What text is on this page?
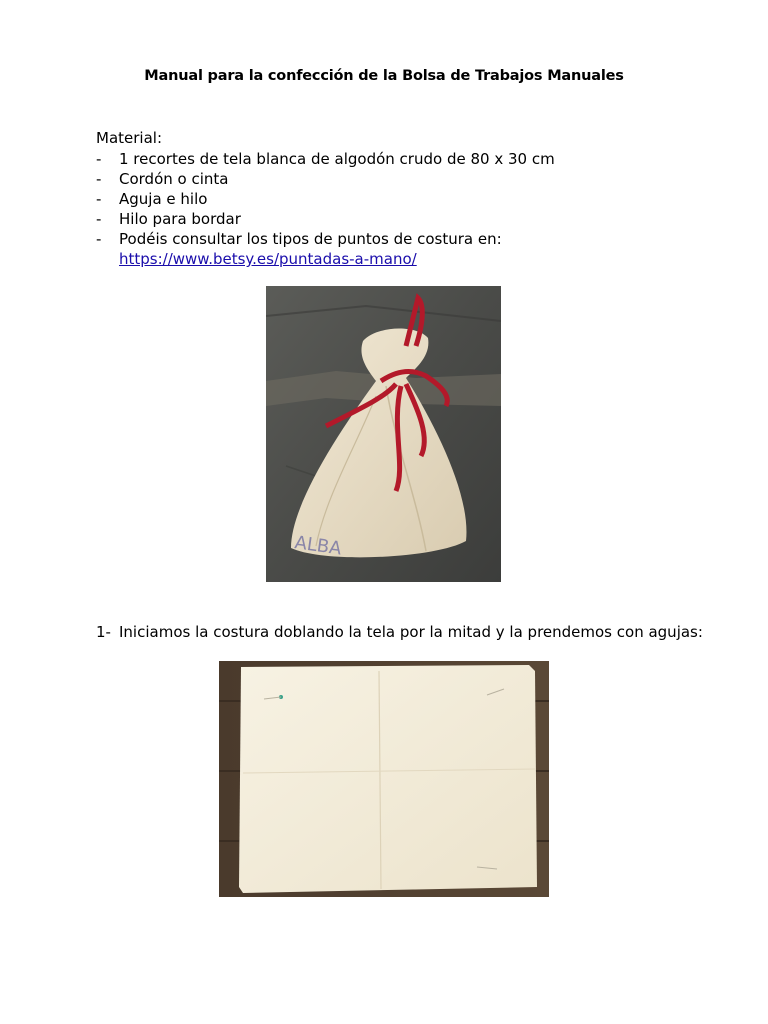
Manual para la confección de la Bolsa de Trabajos Manuales
Material:
- 1 recortes de tela blanca de algodón crudo de 80 x 30 cm
- Cordón o cinta
- Aguja e hilo
- Hilo para bordar
- Podéis consultar los tipos de puntos de costura en:
https://www.betsy.es/puntadas-a-mano/
ALBA
1- Iniciamos la costura doblando la tela por la mitad y la prendemos con agujas:
